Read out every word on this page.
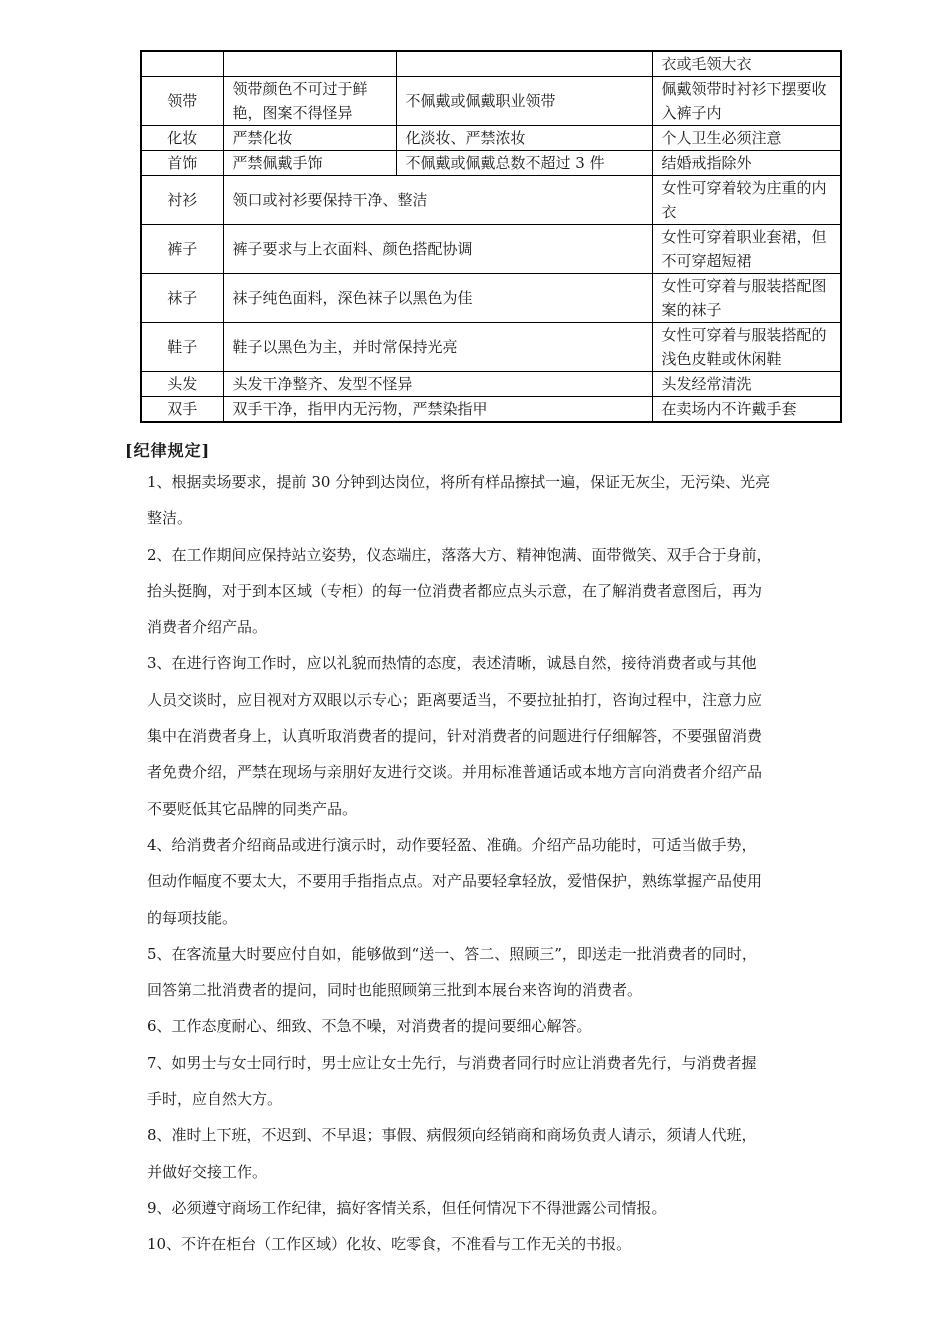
			衣或毛领大衣
领带	领带颜色不可过于鲜艳，图案不得怪异	不佩戴或佩戴职业领带	佩戴领带时衬衫下摆要收入裤子内
化妆	严禁化妆	化淡妆、严禁浓妆	个人卫生必须注意
首饰	严禁佩戴手饰	不佩戴或佩戴总数不超过 3 件	结婚戒指除外
衬衫	领口或衬衫要保持干净、整洁		女性可穿着较为庄重的内衣
裤子	裤子要求与上衣面料、颜色搭配协调		女性可穿着职业套裙，但不可穿超短裙
袜子	袜子纯色面料，深色袜子以黑色为佳		女性可穿着与服装搭配图案的袜子
鞋子	鞋子以黑色为主，并时常保持光亮		女性可穿着与服装搭配的浅色皮鞋或休闲鞋
头发	头发干净整齐、发型不怪异		头发经常清洗
双手	双手干净，指甲内无污物，严禁染指甲		在卖场内不许戴手套
[纪律规定]
1、根据卖场要求，提前 30 分钟到达岗位，将所有样品擦拭一遍，保证无灰尘，无污染、光亮
整洁。
2、在工作期间应保持站立姿势，仪态端庄，落落大方、精神饱满、面带微笑、双手合于身前，
抬头挺胸，对于到本区域（专柜）的每一位消费者都应点头示意，在了解消费者意图后，再为
消费者介绍产品。
3、在进行咨询工作时，应以礼貌而热情的态度，表述清晰，诚恳自然，接待消费者或与其他
人员交谈时，应目视对方双眼以示专心；距离要适当，不要拉扯拍打，咨询过程中，注意力应
集中在消费者身上，认真听取消费者的提问，针对消费者的问题进行仔细解答，不要强留消费
者免费介绍，严禁在现场与亲朋好友进行交谈。并用标准普通话或本地方言向消费者介绍产品
不要贬低其它品牌的同类产品。
4、给消费者介绍商品或进行演示时，动作要轻盈、准确。介绍产品功能时，可适当做手势，
但动作幅度不要太大，不要用手指指点点。对产品要轻拿轻放，爱惜保护，熟练掌握产品使用
的每项技能。
5、在客流量大时要应付自如，能够做到“送一、答二、照顾三”，即送走一批消费者的同时，
回答第二批消费者的提问，同时也能照顾第三批到本展台来咨询的消费者。
6、工作态度耐心、细致、不急不噪，对消费者的提问要细心解答。
7、如男士与女士同行时，男士应让女士先行，与消费者同行时应让消费者先行，与消费者握
手时，应自然大方。
8、准时上下班，不迟到、不早退；事假、病假须向经销商和商场负责人请示，须请人代班，
并做好交接工作。
9、必须遵守商场工作纪律，搞好客情关系，但任何情况下不得泄露公司情报。
10、不许在柜台（工作区域）化妆、吃零食，不准看与工作无关的书报。
